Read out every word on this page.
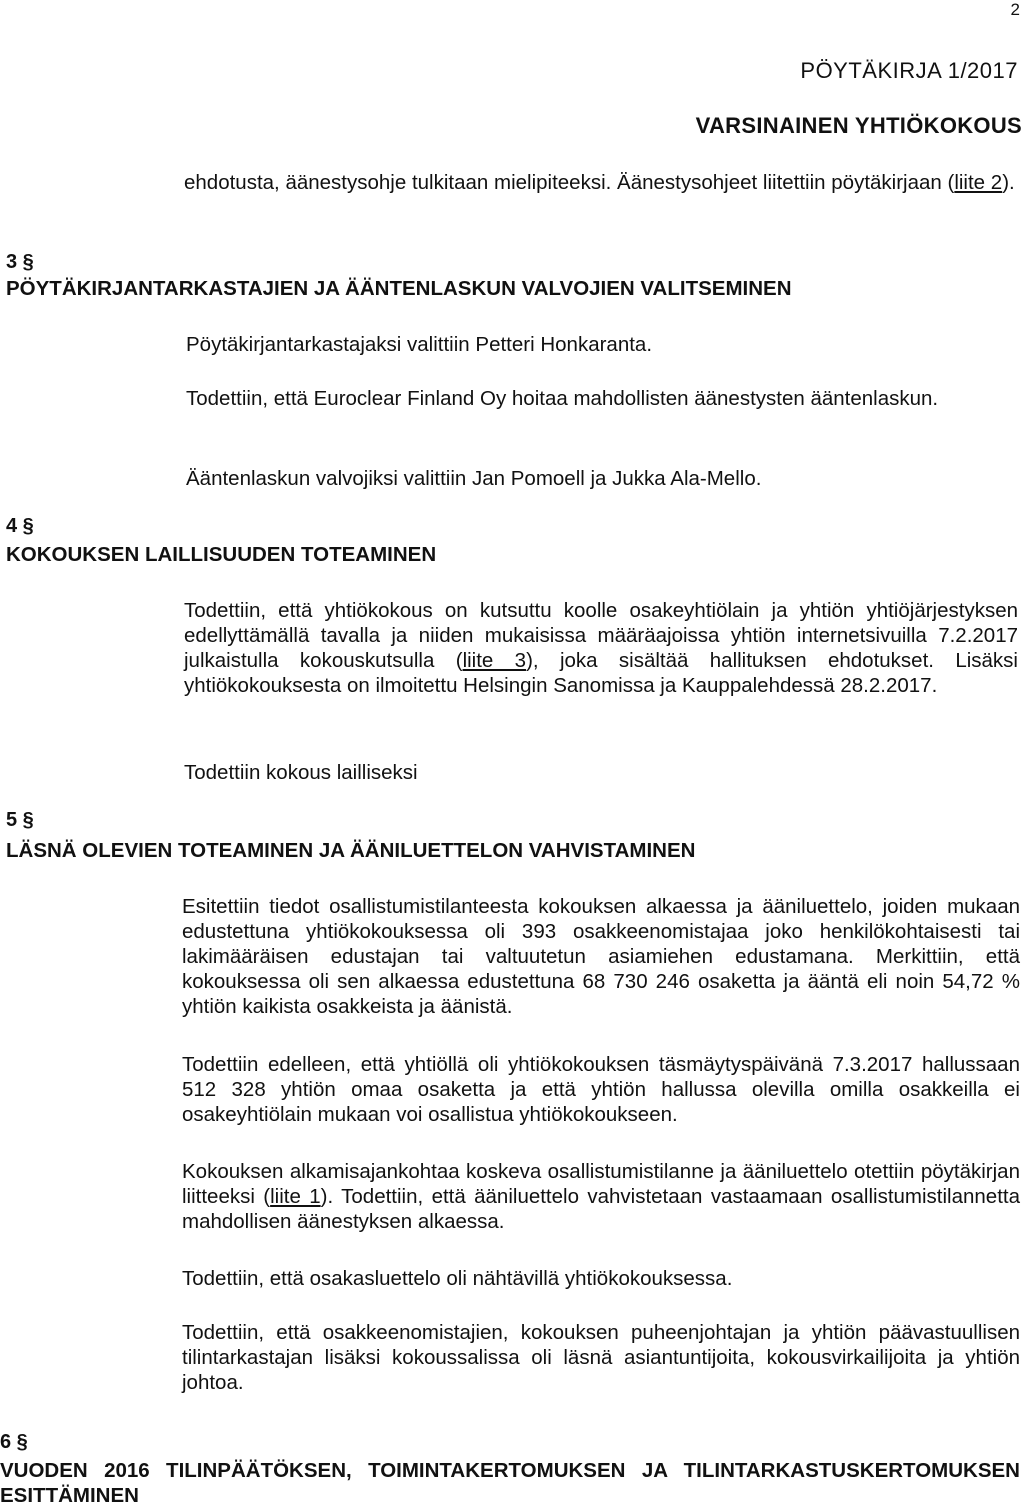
2
PÖYTÄKIRJA 1/2017
VARSINAINEN YHTIÖKOKOUS

ehdotusta, äänestysohje tulkitaan mielipiteeksi. Äänestysohjeet liitettiin pöytäkirjaan (liite 2).

3 §
PÖYTÄKIRJANTARKASTAJIEN JA ÄÄNTENLASKUN VALVOJIEN VALITSEMINEN

Pöytäkirjantarkastajaksi valittiin Petteri Honkaranta.

Todettiin, että Euroclear Finland Oy hoitaa mahdollisten äänestysten ääntenlaskun.

Ääntenlaskun valvojiksi valittiin Jan Pomoell ja Jukka Ala-Mello.

4 §
KOKOUKSEN LAILLISUUDEN TOTEAMINEN

Todettiin, että yhtiökokous on kutsuttu koolle osakeyhtiölain ja yhtiön yhtiöjärjestyksen edellyttämällä tavalla ja niiden mukaisissa määräajoissa yhtiön internetsivuilla 7.2.2017 julkaistulla kokouskutsulla (liite 3), joka sisältää hallituksen ehdotukset. Lisäksi yhtiökokouksesta on ilmoitettu Helsingin Sanomissa ja Kauppalehdessä 28.2.2017.

Todettiin kokous lailliseksi

5 §
LÄSNÄ OLEVIEN TOTEAMINEN JA ÄÄNILUETTELON VAHVISTAMINEN

Esitettiin tiedot osallistumistilanteesta kokouksen alkaessa ja ääniluettelo, joiden mukaan edustettuna yhtiökokouksessa oli 393 osakkeenomistajaa joko henkilökohtaisesti tai lakimääräisen edustajan tai valtuutetun asiamiehen edustamana. Merkittiin, että kokouksessa oli sen alkaessa edustettuna 68 730 246 osaketta ja ääntä eli noin 54,72 % yhtiön kaikista osakkeista ja äänistä.

Todettiin edelleen, että yhtiöllä oli yhtiökokouksen täsmäytyspäivänä 7.3.2017 hallussaan 512 328 yhtiön omaa osaketta ja että yhtiön hallussa olevilla omilla osakkeilla ei osakeyhtiölain mukaan voi osallistua yhtiökokoukseen.

Kokouksen alkamisajankohtaa koskeva osallistumistilanne ja ääniluettelo otettiin pöytäkirjan liitteeksi (liite 1). Todettiin, että ääniluettelo vahvistetaan vastaamaan osallistumistilannetta mahdollisen äänestyksen alkaessa.

Todettiin, että osakasluettelo oli nähtävillä yhtiökokouksessa.

Todettiin, että osakkeenomistajien, kokouksen puheenjohtajan ja yhtiön päävastuullisen tilintarkastajan lisäksi kokoussalissa oli läsnä asiantuntijoita, kokousvirkailijoita ja yhtiön johtoa.

6 §
VUODEN 2016 TILINPÄÄTÖKSEN, TOIMINTAKERTOMUKSEN JA TILINTARKASTUSKERTOMUKSEN ESITTÄMINEN
